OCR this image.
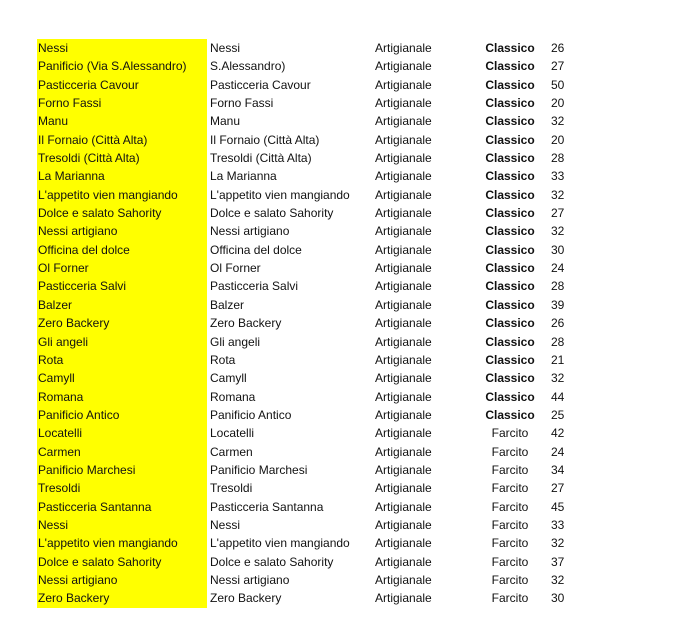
Nessi	Nessi	Artigianale	Classico	26
Panificio (Via S.Alessandro)	S.Alessandro)	Artigianale	Classico	27
Pasticceria Cavour	Pasticceria Cavour	Artigianale	Classico	50
Forno Fassi	Forno Fassi	Artigianale	Classico	20
Manu	Manu	Artigianale	Classico	32
Il Fornaio (Città Alta)	Il Fornaio (Città Alta)	Artigianale	Classico	20
Tresoldi (Città Alta)	Tresoldi (Città Alta)	Artigianale	Classico	28
La Marianna	La Marianna	Artigianale	Classico	33
L'appetito vien mangiando	L'appetito vien mangiando	Artigianale	Classico	32
Dolce e salato Sahority	Dolce e salato Sahority	Artigianale	Classico	27
Nessi artigiano	Nessi artigiano	Artigianale	Classico	32
Officina del dolce	Officina del dolce	Artigianale	Classico	30
Ol Forner	Ol Forner	Artigianale	Classico	24
Pasticceria Salvi	Pasticceria Salvi	Artigianale	Classico	28
Balzer	Balzer	Artigianale	Classico	39
Zero Backery	Zero Backery	Artigianale	Classico	26
Gli angeli	Gli angeli	Artigianale	Classico	28
Rota	Rota	Artigianale	Classico	21
Camyll	Camyll	Artigianale	Classico	32
Romana	Romana	Artigianale	Classico	44
Panificio Antico	Panificio Antico	Artigianale	Classico	25
Locatelli	Locatelli	Artigianale	Farcito	42
Carmen	Carmen	Artigianale	Farcito	24
Panificio Marchesi	Panificio Marchesi	Artigianale	Farcito	34
Tresoldi	Tresoldi	Artigianale	Farcito	27
Pasticceria Santanna	Pasticceria Santanna	Artigianale	Farcito	45
Nessi	Nessi	Artigianale	Farcito	33
L'appetito vien mangiando	L'appetito vien mangiando	Artigianale	Farcito	32
Dolce e salato Sahority	Dolce e salato Sahority	Artigianale	Farcito	37
Nessi artigiano	Nessi artigiano	Artigianale	Farcito	32
Zero Backery	Zero Backery	Artigianale	Farcito	30
